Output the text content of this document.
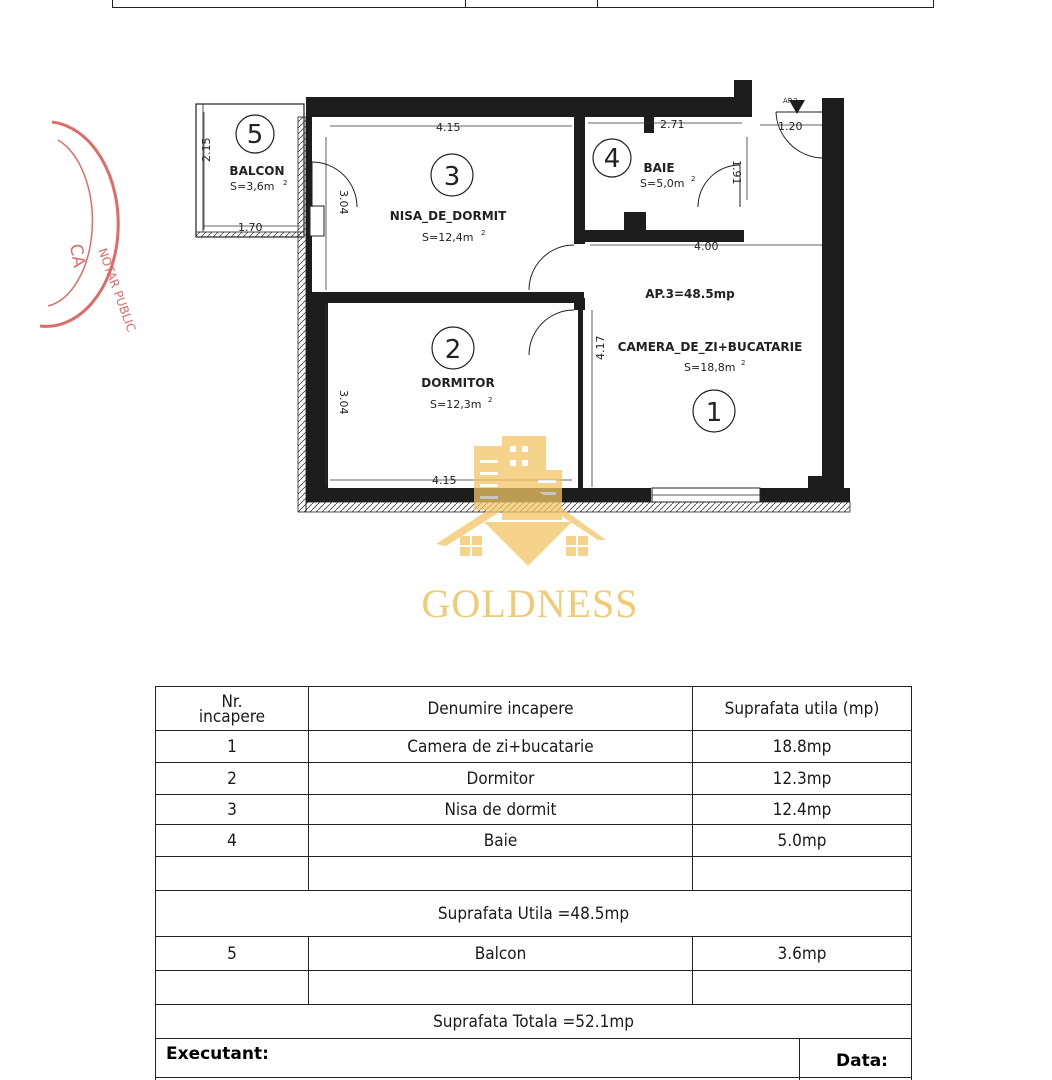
CA NOTAR PUBLIC
4.15	2.71	1.20
1.91
4.00
4.17
3.04
3.04
4.15
2.15
1.70
AP.3
5
3
4
2
1
BALCON
NISA_DE_DORMIT
BAIE
DORMITOR
CAMERA_DE_ZI+BUCATARIE
AP.3=48.5mp
S=3,6m 2
S=12,4m 2
S=5,0m 2
S=12,3m 2
S=18,8m 2
GOLDNESS
Nr.
incapere	Denumire incapere	Suprafata utila (mp)
1	Camera de zi+bucatarie	18.8mp
2	Dormitor	12.3mp
3	Nisa de dormit	12.4mp
4	Baie	5.0mp

Suprafata Utila =48.5mp		
5	Balcon	3.6mp

Suprafata Totala =52.1mp		
Executant:	Data:
